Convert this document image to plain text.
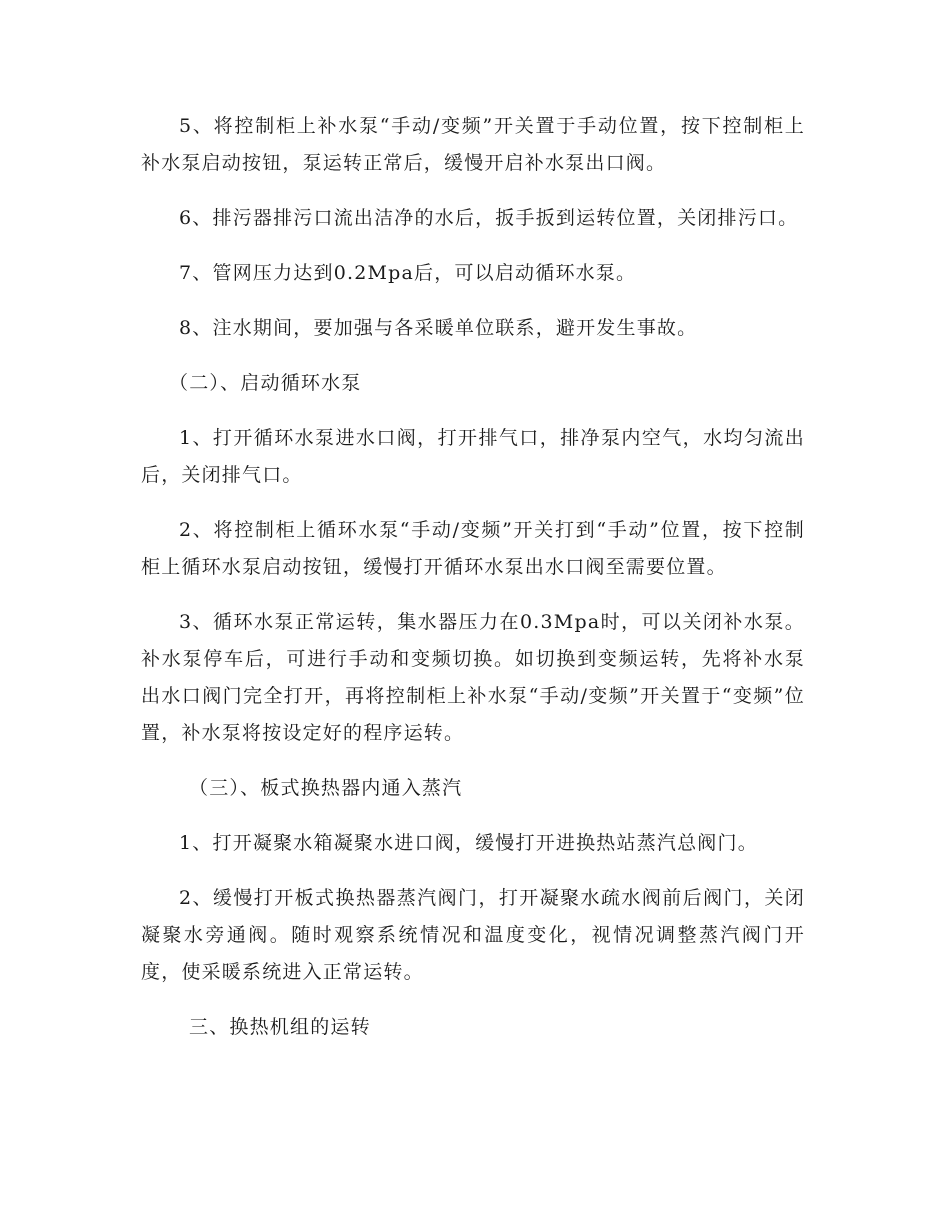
5、将控制柜上补水泵“手动/变频”开关置于手动位置，按下控制柜上补水泵启动按钮，泵运转正常后，缓慢开启补水泵出口阀。

6、排污器排污口流出洁净的水后，扳手扳到运转位置，关闭排污口。

7、管网压力达到0.2Mpa后，可以启动循环水泵。

8、注水期间，要加强与各采暖单位联系，避开发生事故。

（二）、启动循环水泵

1、打开循环水泵进水口阀，打开排气口，排净泵内空气，水均匀流出后，关闭排气口。

2、将控制柜上循环水泵“手动/变频”开关打到“手动”位置，按下控制柜上循环水泵启动按钮，缓慢打开循环水泵出水口阀至需要位置。

3、循环水泵正常运转，集水器压力在0.3Mpa时，可以关闭补水泵。补水泵停车后，可进行手动和变频切换。如切换到变频运转，先将补水泵出水口阀门完全打开，再将控制柜上补水泵“手动/变频”开关置于“变频”位置，补水泵将按设定好的程序运转。

（三）、板式换热器内通入蒸汽

1、打开凝聚水箱凝聚水进口阀，缓慢打开进换热站蒸汽总阀门。

2、缓慢打开板式换热器蒸汽阀门，打开凝聚水疏水阀前后阀门，关闭凝聚水旁通阀。随时观察系统情况和温度变化，视情况调整蒸汽阀门开度，使采暖系统进入正常运转。

三、换热机组的运转
